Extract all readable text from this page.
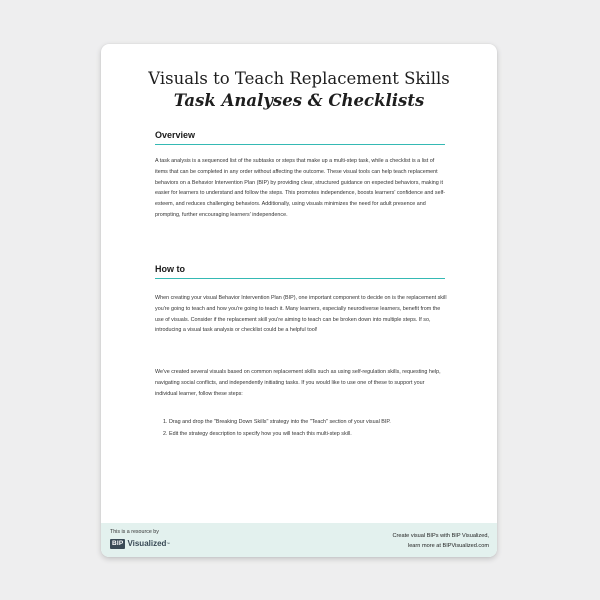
Visuals to Teach Replacement Skills
Task Analyses & Checklists
Overview

A task analysis is a sequenced list of the subtasks or steps that make up a multi-step task, while a checklist is a list of items that can be completed in any order without affecting the outcome. These visual tools can help teach replacement behaviors on a Behavior Intervention Plan (BIP) by providing clear, structured guidance on expected behaviors, making it easier for learners to understand and follow the steps. This promotes independence, boosts learners' confidence and self-esteem, and reduces challenging behaviors. Additionally, using visuals minimizes the need for adult presence and prompting, further encouraging learners' independence.

How to

When creating your visual Behavior Intervention Plan (BIP), one important component to decide on is the replacement skill you're going to teach and how you're going to teach it. Many learners, especially neurodiverse learners, benefit from the use of visuals. Consider if the replacement skill you're aiming to teach can be broken down into multiple steps. If so, introducing a visual task analysis or checklist could be a helpful tool!

We've created several visuals based on common replacement skills such as using self-regulation skills, requesting help, navigating social conflicts, and independently initiating tasks. If you would like to use one of these to support your individual learner, follow these steps:

1. Drag and drop the "Breaking Down Skills" strategy into the "Teach" section of your visual BIP.
2. Edit the strategy description to specify how you will teach this multi-step skill.
This is a resource by
BIP Visualized ™
Create visual BIPs with BIP Visualized,
learn more at BIPVisualized.com
